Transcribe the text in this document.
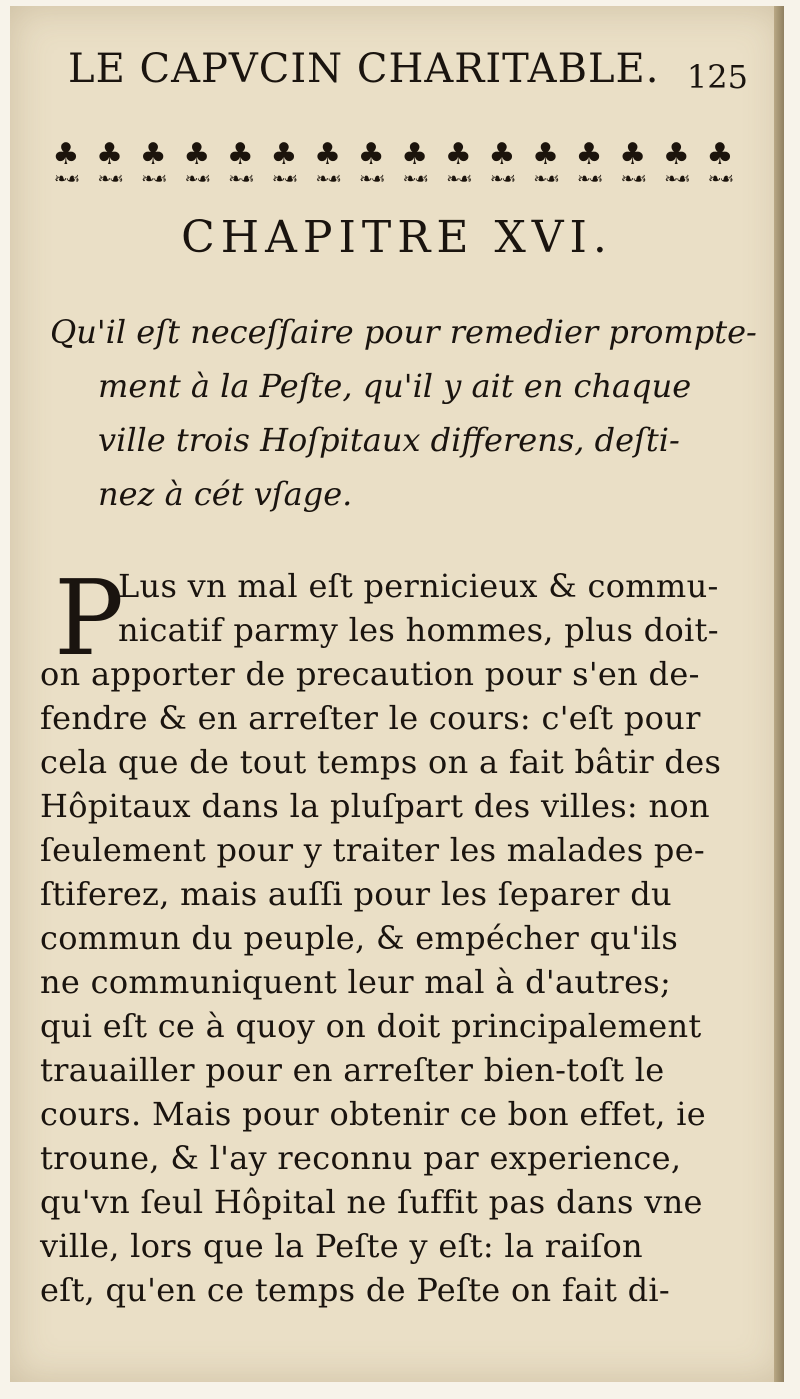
LE CAPVCIN CHARITABLE. 125
♣
❧☙
♣
❧☙
♣
❧☙
♣
❧☙
♣
❧☙
♣
❧☙
♣
❧☙
♣
❧☙
♣
❧☙
♣
❧☙
♣
❧☙
♣
❧☙
♣
❧☙
♣
❧☙
♣
❧☙
♣
❧☙
CHAPITRE XVI.
Qu'il eſt neceſſaire pour remedier prompte-
ment à la Peſte, qu'il y ait en chaque
ville trois Hoſpitaux differens, deſti-
nez à cét vſage.
P
Lus vn mal eſt pernicieux & commu-
nicatif parmy les hommes, plus doit-
on apporter de precaution pour s'en de-
fendre & en arreſter le cours: c'eſt pour
cela que de tout temps on a fait bâtir des
Hôpitaux dans la pluſpart des villes: non
ſeulement pour y traiter les malades pe-
ſtiferez, mais auſſi pour les ſeparer du
commun du peuple, & empécher qu'ils
ne communiquent leur mal à d'autres;
qui eſt ce à quoy on doit principalement
trauailler pour en arreſter bien-toſt le
cours. Mais pour obtenir ce bon effet, ie
troune, & l'ay reconnu par experience,
qu'vn ſeul Hôpital ne ſuffit pas dans vne
ville, lors que la Peſte y eſt: la raiſon
eſt, qu'en ce temps de Peſte on fait di-
